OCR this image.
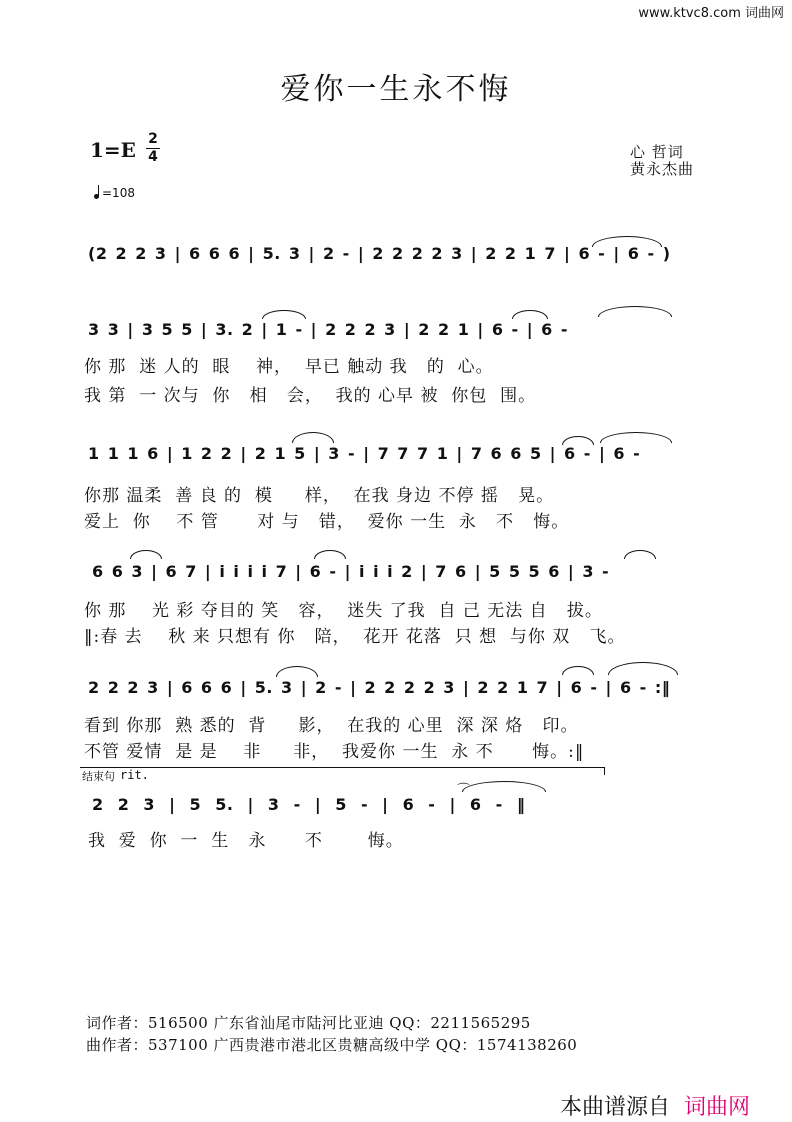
www.ktvc8.com 词曲网
爱你一生永不悔
1=E 2
4
=108
心 哲词
黄永杰曲
(2 2 2 3 | 6 6 6 | 5. 3 | 2 - | 2 2 2 2 3 | 2 2 1 7 | 6 - | 6 - )
3 3 | 3 5 5 | 3. 2 | 1 - | 2 2 2 3 | 2 2 1 | 6 - | 6 -
你 那  迷 人的  眼    神，  早已 触动 我   的  心。
我 第  一 次与  你   相   会，  我的 心早 被  你包  围。
1 1 1 6 | 1 2 2 | 2 1 5 | 3 - | 7 7 7 1 | 7 6 6 5 | 6 - | 6 -
你那 温柔  善 良 的  模     样，  在我 身边 不停 摇   晃。
爱上  你    不 管      对 与   错，  爱你 一生  永   不   悔。
6 6 3 | 6 7 | i i i i 7 | 6 - | i i i 2 | 7 6 | 5 5 5 6 | 3 -
你 那    光 彩 夺目的 笑   容，  迷失 了我  自 己 无法 自   拔。
‖:春 去    秋 来 只想有 你   陪，  花开 花落  只 想  与你 双   飞。
2 2 2 3 | 6 6 6 | 5. 3 | 2 - | 2 2 2 2 3 | 2 2 1 7 | 6 - | 6 - :‖
看到 你那  熟 悉的  背     影，  在我的 心里  深 深 烙   印。
不管 爱情  是 是    非     非，  我爱你 一生  永 不      悔。:‖
结束句 rit.
⌒
2 2 3 | 5 5. | 3 - | 5 - | 6 - | 6 - ‖
我  爱  你  一  生   永      不       悔。
词作者：516500 广东省汕尾市陆河比亚迪 QQ：2211565295
曲作者：537100 广西贵港市港北区贵糖高级中学 QQ：1574138260
本曲谱源自 词曲网
